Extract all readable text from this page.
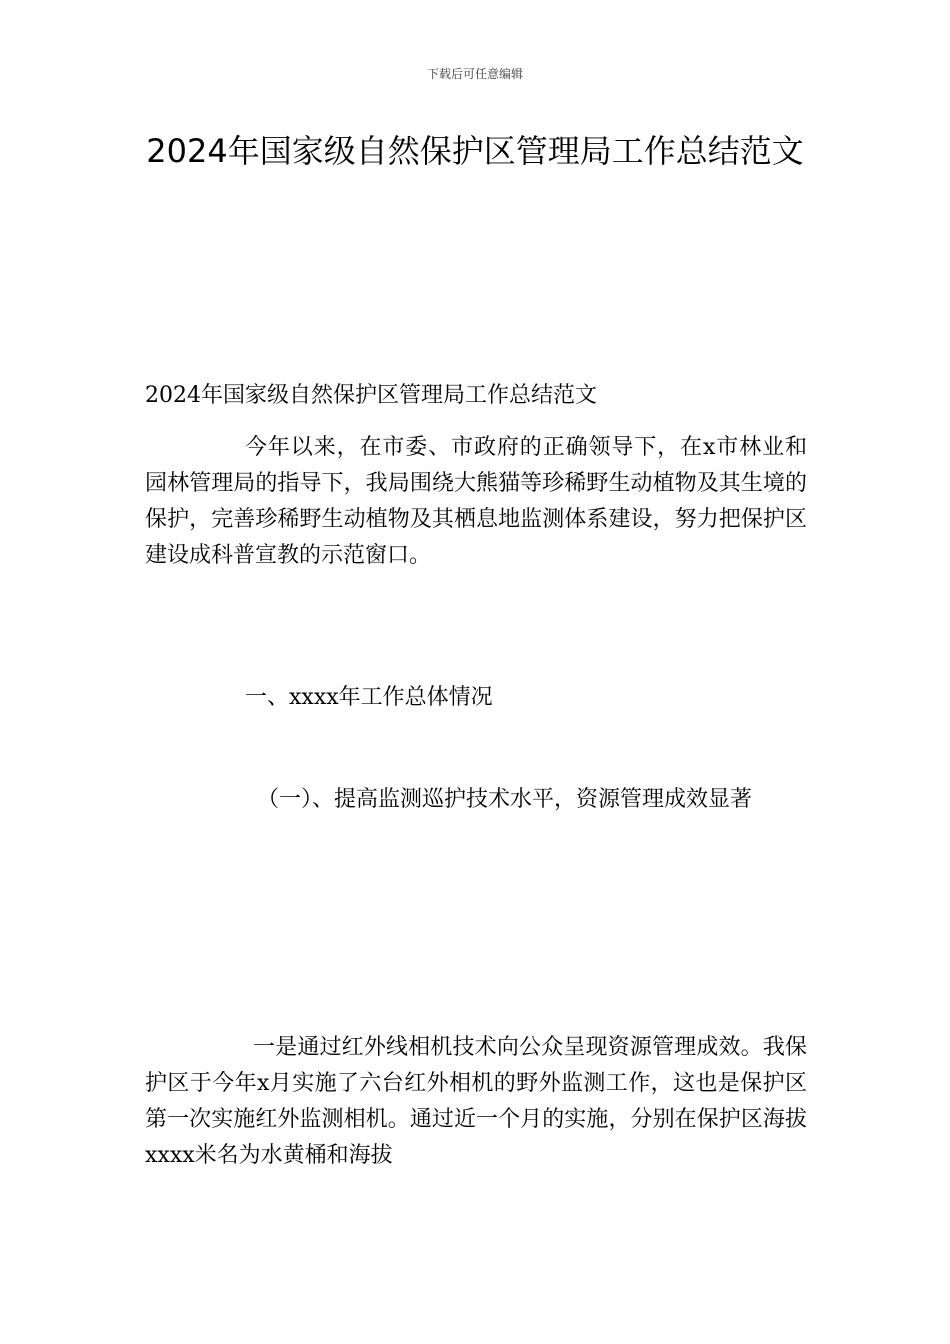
下载后可任意编辑
2024年国家级自然保护区管理局工作总结范文

2024年国家级自然保护区管理局工作总结范文

今年以来，在市委、市政府的正确领导下，在x市林业和园林管理局的指导下，我局围绕大熊猫等珍稀野生动植物及其生境的保护，完善珍稀野生动植物及其栖息地监测体系建设，努力把保护区建设成科普宣教的示范窗口。

一、xxxx年工作总体情况

（一）、提高监测巡护技术水平，资源管理成效显著

一是通过红外线相机技术向公众呈现资源管理成效。我保护区于今年x月实施了六台红外相机的野外监测工作，这也是保护区第一次实施红外监测相机。通过近一个月的实施，分别在保护区海拔xxxx米名为水黄桶和海拔
